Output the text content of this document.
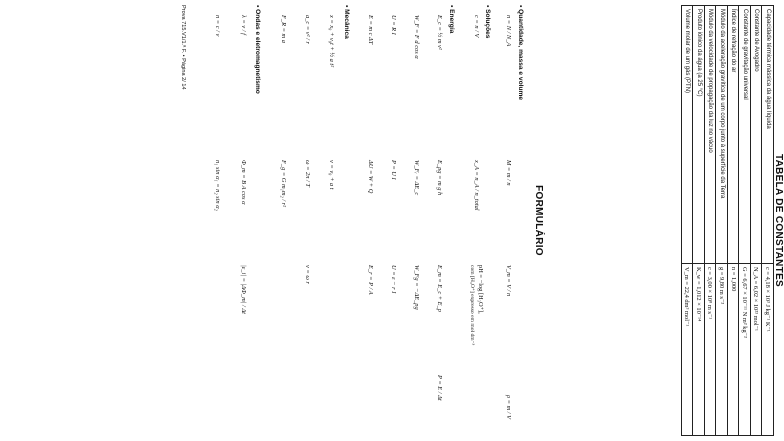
TABELA DE CONSTANTES
Capacidade térmica mássica da água líquida	c = 4,18 × 10³ J kg⁻¹ K⁻¹
Constante de Avogadro	N_A = 6,02 × 10²³ mol⁻¹
Constante de gravitação universal	G = 6,67 × 10⁻¹¹ N m² kg⁻²
Índice de refração do ar	n = 1,000
Módulo da aceleração gravítica de um corpo junto à superfície da Terra	g = 9,80 m s⁻²
Módulo da velocidade de propagação da luz no vácuo	c = 3,00 × 10⁸ m s⁻¹
Produto iónico da água (a 25 °C)	K_w = 1,012 × 10⁻¹⁴
Volume molar de um gás (PTN)	V_m = 22,4 dm³ mol⁻¹
FORMULÁRIO
• Quantidade, massa e volume
n = N / N_A
M = m / n
V_m = V / n
ρ = m / V
• Soluções
c = n / V
x_A = n_A / n_total
pH = −log [H₃O⁺],
com [H₃O⁺] expresso em mol dm⁻³
• Energia
E_c = ½ m v²
E_pg = m g h
E_m = E_c + E_p
P = E / Δt
W_F = F d cos α
W_Fᵣ = ΔE_c
W_Fg = −ΔE_pg
U = R I
P = U I
U = ε − r I
E = m c ΔT
ΔU = W + Q
E_r = P / A
• Mecânica
x = x₀ + v₀t + ½ a t²
v = v₀ + a t
a_c = v² / r
ω = 2π / T
v = ω r
F_R = m a
F_g = G m₁m₂ / r²
• Ondas e eletromagnetismo
λ = v / f
Φ_m = B A cos α
|ε_i| = |ΔΦ_m| / Δt
n = c / v
n₁ sin α₁ = n₂ sin α₂
Prova 715.V1/1.ª F. • Página 2/ 14
